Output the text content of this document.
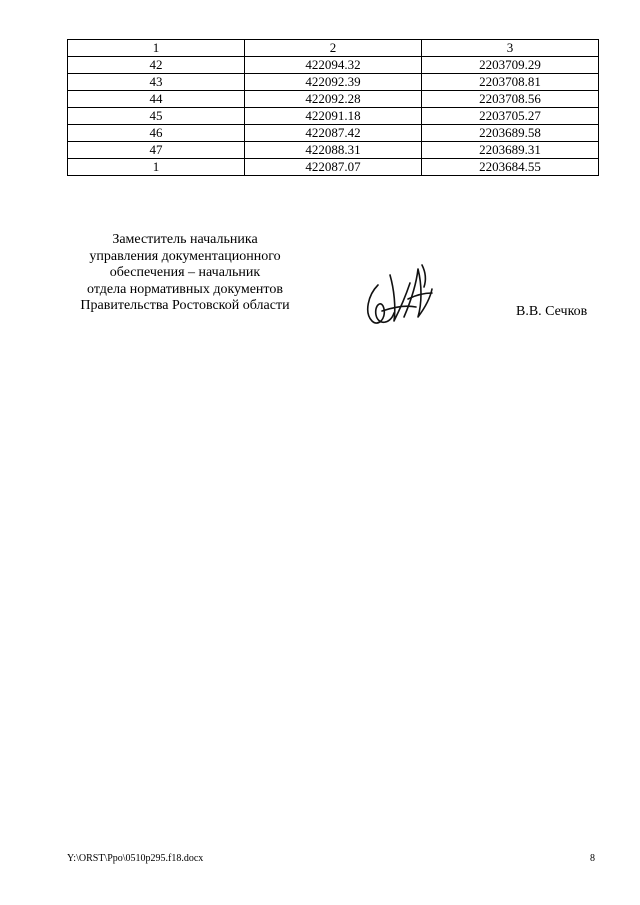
1	2	3
42	422094.32	2203709.29
43	422092.39	2203708.81
44	422092.28	2203708.56
45	422091.18	2203705.27
46	422087.42	2203689.58
47	422088.31	2203689.31
1	422087.07	2203684.55
Заместитель начальника
управления документационного
обеспечения – начальник
отдела нормативных документов
Правительства Ростовской области	В.В. Сечков
Y:\ORST\Ppo\0510p295.f18.docx	8
